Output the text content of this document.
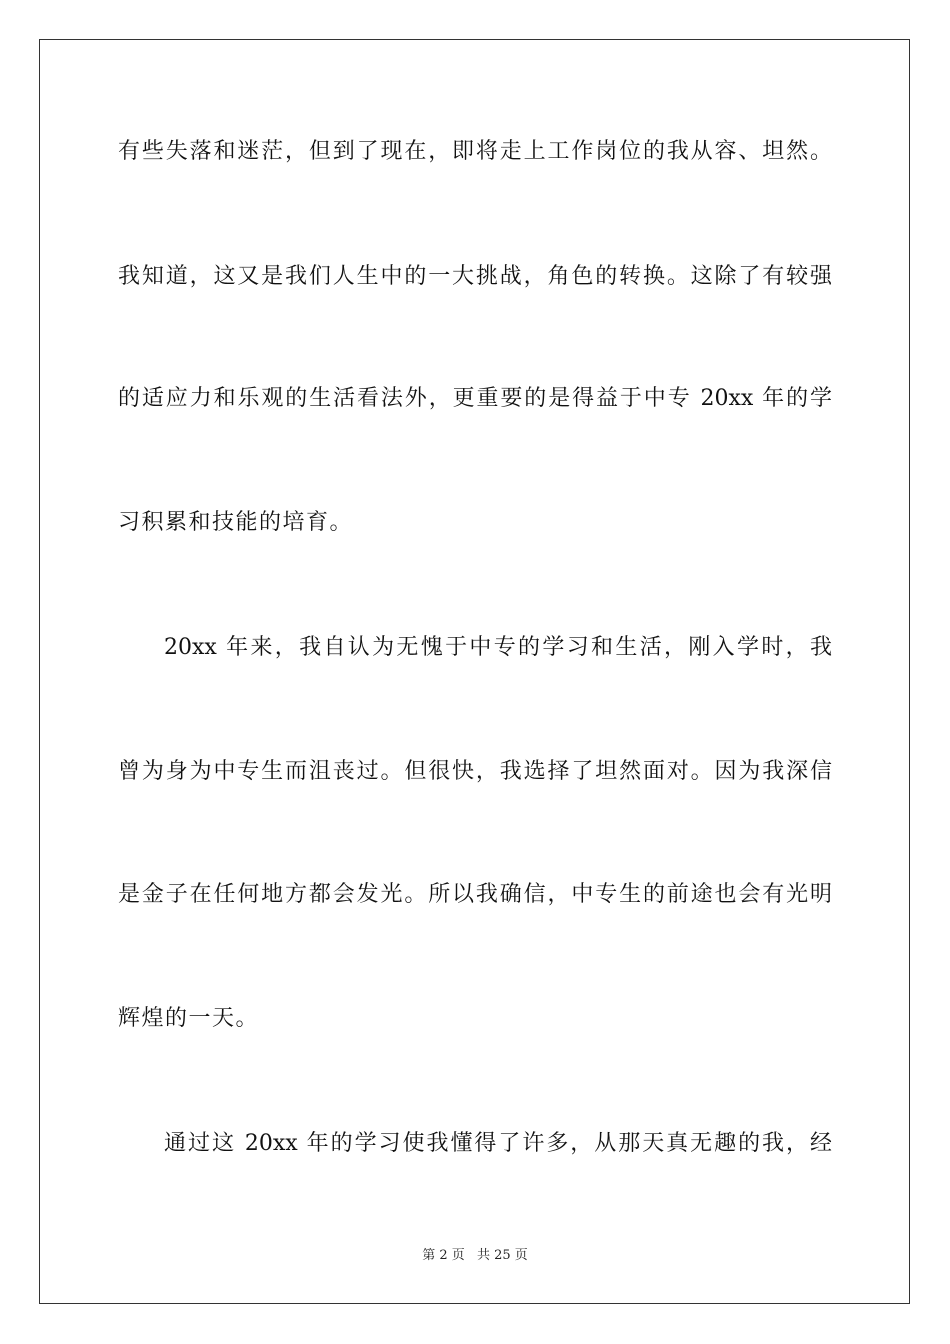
有些失落和迷茫，但到了现在，即将走上工作岗位的我从容、坦然。
我知道，这又是我们人生中的一大挑战，角色的转换。这除了有较强
的适应力和乐观的生活看法外，更重要的是得益于中专 20xx 年的学
习积累和技能的培育。
20xx 年来，我自认为无愧于中专的学习和生活，刚入学时，我
曾为身为中专生而沮丧过。但很快，我选择了坦然面对。因为我深信
是金子在任何地方都会发光。所以我确信，中专生的前途也会有光明
辉煌的一天。
通过这 20xx 年的学习使我懂得了许多，从那天真无趣的我，经
第 2 页 共 25 页
